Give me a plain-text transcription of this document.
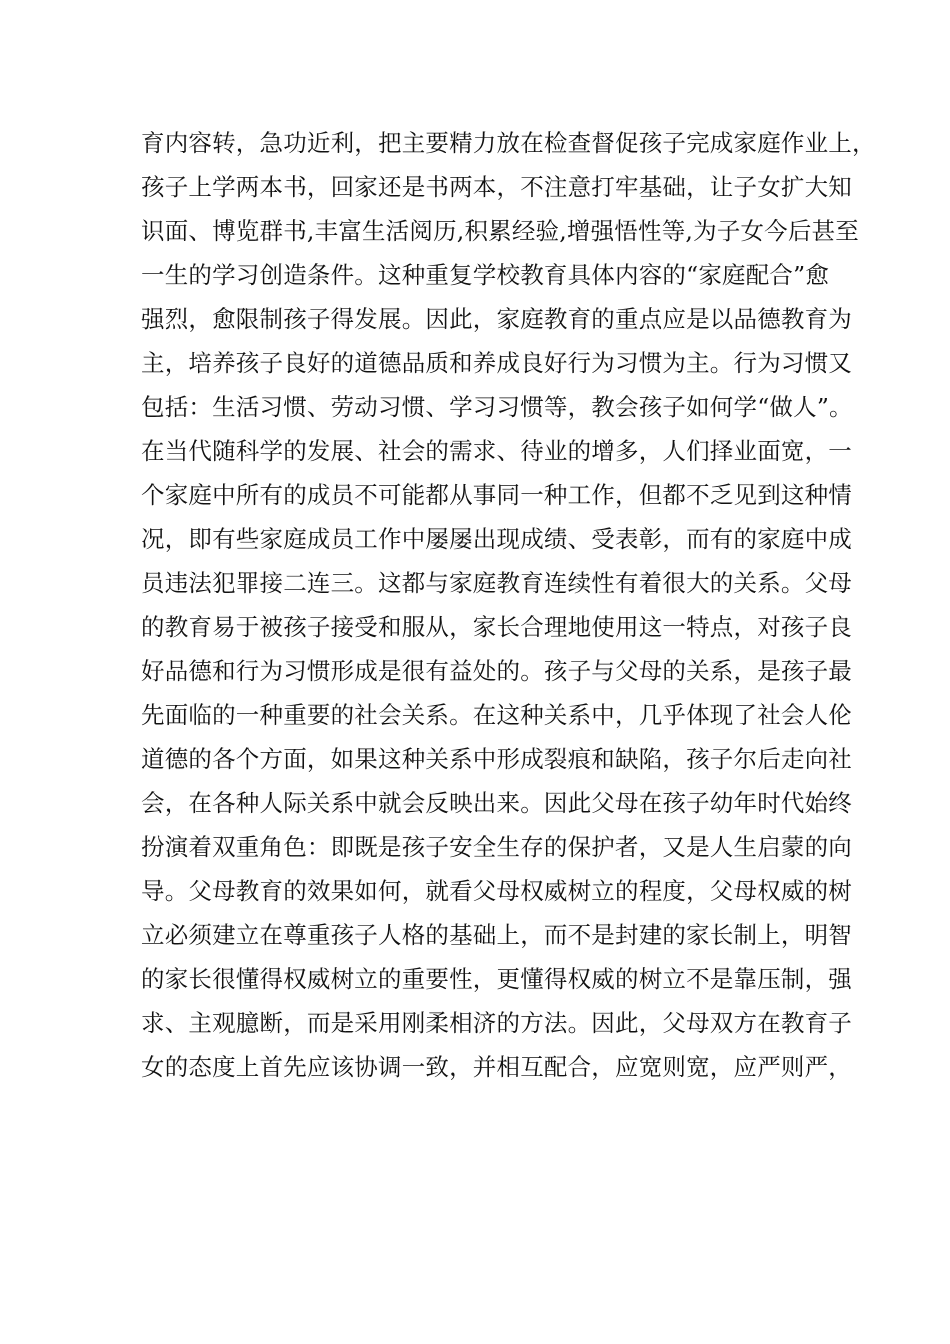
育内容转，急功近利，把主要精力放在检查督促孩子完成家庭作业上，
孩子上学两本书，回家还是书两本，不注意打牢基础，让子女扩大知
识面、博览群书,丰富生活阅历,积累经验,增强悟性等,为子女今后甚至
一生的学习创造条件。这种重复学校教育具体内容的“家庭配合”愈
强烈，愈限制孩子得发展。因此，家庭教育的重点应是以品德教育为
主，培养孩子良好的道德品质和养成良好行为习惯为主。行为习惯又
包括：生活习惯、劳动习惯、学习习惯等，教会孩子如何学“做人”。
在当代随科学的发展、社会的需求、待业的增多，人们择业面宽，一
个家庭中所有的成员不可能都从事同一种工作，但都不乏见到这种情
况，即有些家庭成员工作中屡屡出现成绩、受表彰，而有的家庭中成
员违法犯罪接二连三。这都与家庭教育连续性有着很大的关系。父母
的教育易于被孩子接受和服从，家长合理地使用这一特点，对孩子良
好品德和行为习惯形成是很有益处的。孩子与父母的关系，是孩子最
先面临的一种重要的社会关系。在这种关系中，几乎体现了社会人伦
道德的各个方面，如果这种关系中形成裂痕和缺陷，孩子尔后走向社
会，在各种人际关系中就会反映出来。因此父母在孩子幼年时代始终
扮演着双重角色：即既是孩子安全生存的保护者，又是人生启蒙的向
导。父母教育的效果如何，就看父母权威树立的程度，父母权威的树
立必须建立在尊重孩子人格的基础上，而不是封建的家长制上，明智
的家长很懂得权威树立的重要性，更懂得权威的树立不是靠压制，强
求、主观臆断，而是采用刚柔相济的方法。因此，父母双方在教育子
女的态度上首先应该协调一致，并相互配合，应宽则宽，应严则严，
